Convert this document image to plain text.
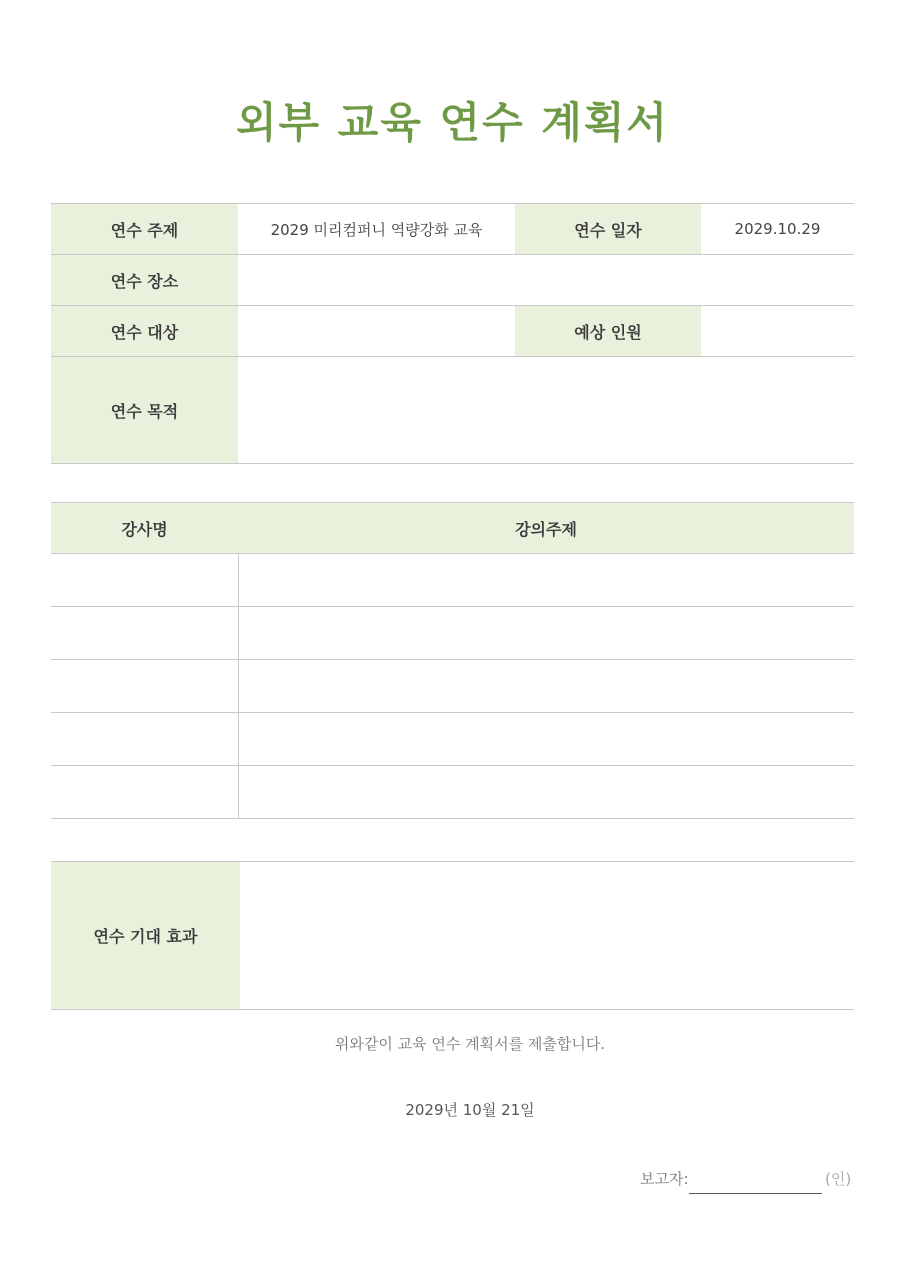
외부 교육 연수 계획서
연수 주제	2029 미리컴퍼니 역량강화 교육	연수 일자	2029.10.29
연수 장소			
연수 대상		예상 인원	
연수 목적			
강사명	강의주제

연수 기대 효과	
위와같이 교육 연수 계획서를 제출합니다.
2029년 10월 21일
보고자:	(인)
